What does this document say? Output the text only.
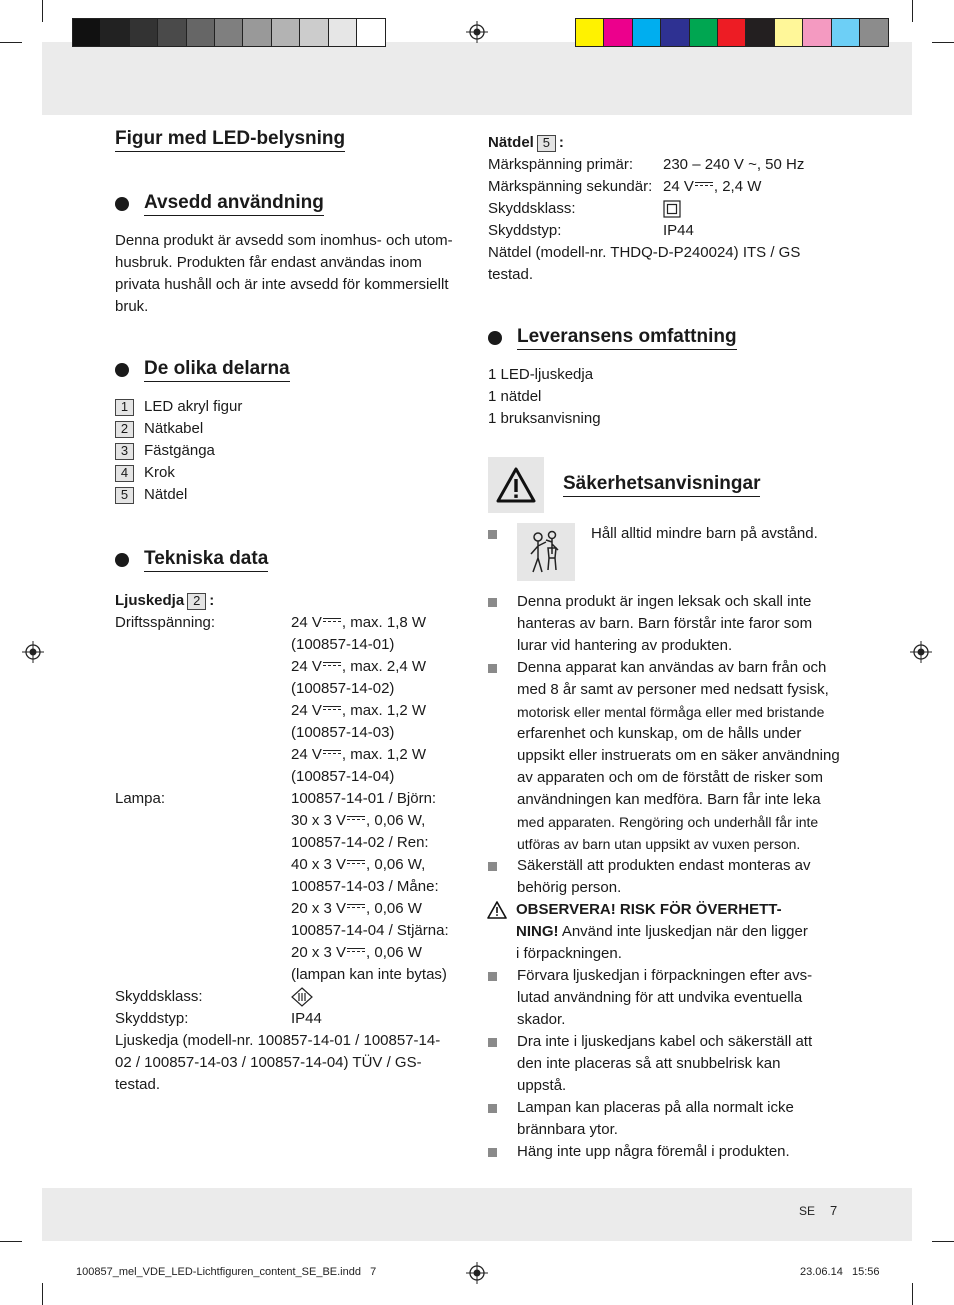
Figur med LED-belysning
Avsedd användning
Denna produkt är avsedd som inomhus- och utom-
husbruk. Produkten får endast användas inom
privata hushåll och är inte avsedd för kommersiellt
bruk.
De olika delarna
1	LED akryl figur
2	Nätkabel
3	Fästgänga
4	Krok
5	Nätdel
Tekniska data
Ljuskedja 2 :
Driftsspänning:	24 V , max. 1,8 W
(100857-14-01)
24 V , max. 2,4 W
(100857-14-02)
24 V , max. 1,2 W
(100857-14-03)
24 V , max. 1,2 W
(100857-14-04)
Lampa:	100857-14-01 / Björn:
30 x 3 V , 0,06 W,
100857-14-02 / Ren:
40 x 3 V , 0,06 W,
100857-14-03 / Måne:
20 x 3 V , 0,06 W
100857-14-04 / Stjärna:
20 x 3 V , 0,06 W
(lampan kan inte bytas)
Skyddsklass:
Skyddstyp:	IP44
Ljuskedja (modell-nr. 100857-14-01 / 100857-14-
02 / 100857-14-03 / 100857-14-04) TÜV / GS-
testad.
Nätdel 5 :
Märkspänning primär:	230 – 240 V ~, 50 Hz
Märkspänning sekundär: 24 V , 2,4 W
Skyddsklass:
Skyddstyp:	IP44
Nätdel (modell-nr. THDQ-D-P240024) ITS / GS
testad.
Leveransens omfattning
1 LED-ljuskedja
1 nätdel
1 bruksanvisning
Säkerhetsanvisningar
Håll alltid mindre barn på avstånd.
Denna produkt är ingen leksak och skall inte
hanteras av barn. Barn förstår inte faror som
lurar vid hantering av produkten.
Denna apparat kan användas av barn från och
med 8 år samt av personer med nedsatt fysisk,
motorisk eller mental förmåga eller med bristande
erfarenhet och kunskap, om de hålls under
uppsikt eller instruerats om en säker användning
av apparaten och om de förstått de risker som
användningen kan medföra. Barn får inte leka
med apparaten. Rengöring och underhåll får inte
utföras av barn utan uppsikt av vuxen person.
Säkerställ att produkten endast monteras av
behörig person.
OBSERVERA! RISK FÖR ÖVERHETT-
NING! Använd inte ljuskedjan när den ligger
i förpackningen.
Förvara ljuskedjan i förpackningen efter avs-
lutad användning för att undvika eventuella
skador.
Dra inte i ljuskedjans kabel och säkerställ att
den inte placeras så att snubbelrisk kan
uppstå.
Lampan kan placeras på alla normalt icke
brännbara ytor.
Häng inte upp några föremål i produkten.
SE 7
100857_mel_VDE_LED-Lichtfiguren_content_SE_BE.indd   7	23.06.14   15:56
